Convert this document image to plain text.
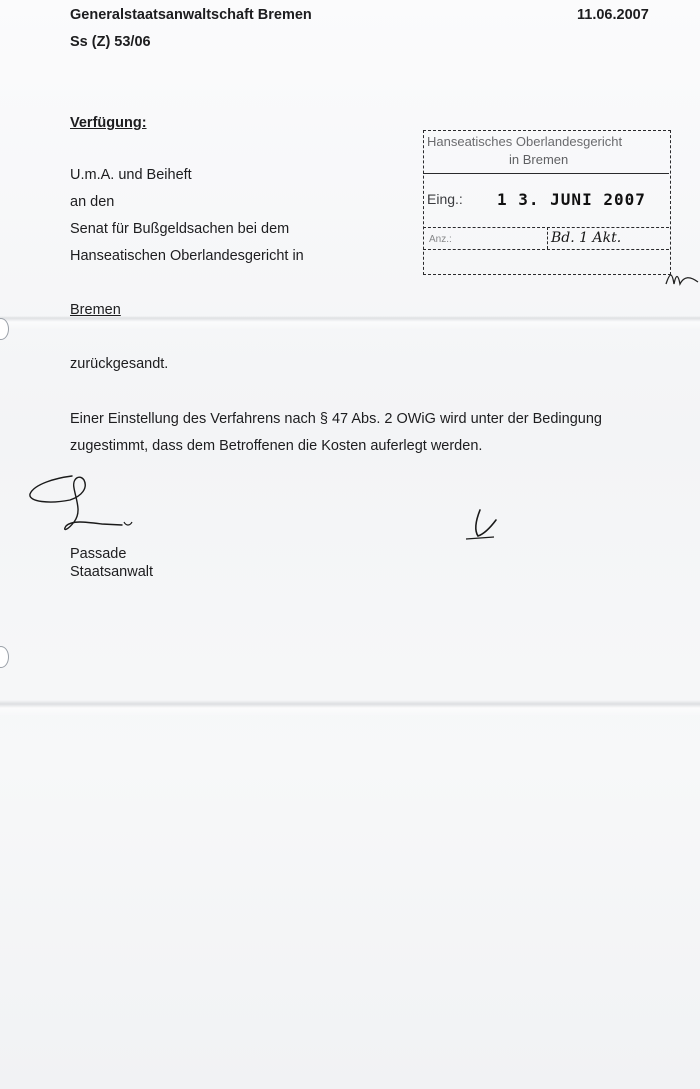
Generalstaatsanwaltschaft Bremen	11.06.2007
Ss (Z) 53/06
Verfügung:
U.m.A. und Beiheft
an den
Senat für Bußgeldsachen bei dem
Hanseatischen Oberlandesgericht in
Bremen
zurückgesandt.
Einer Einstellung des Verfahrens nach § 47 Abs. 2 OWiG wird unter der Bedingung
zugestimmt, dass dem Betroffenen die Kosten auferlegt werden.
Passade
Staatsanwalt
Hanseatisches Oberlandesgericht
in Bremen
Eing.: 1 3. JUNI 2007
Anz.:	Bd. 1 Akt.
